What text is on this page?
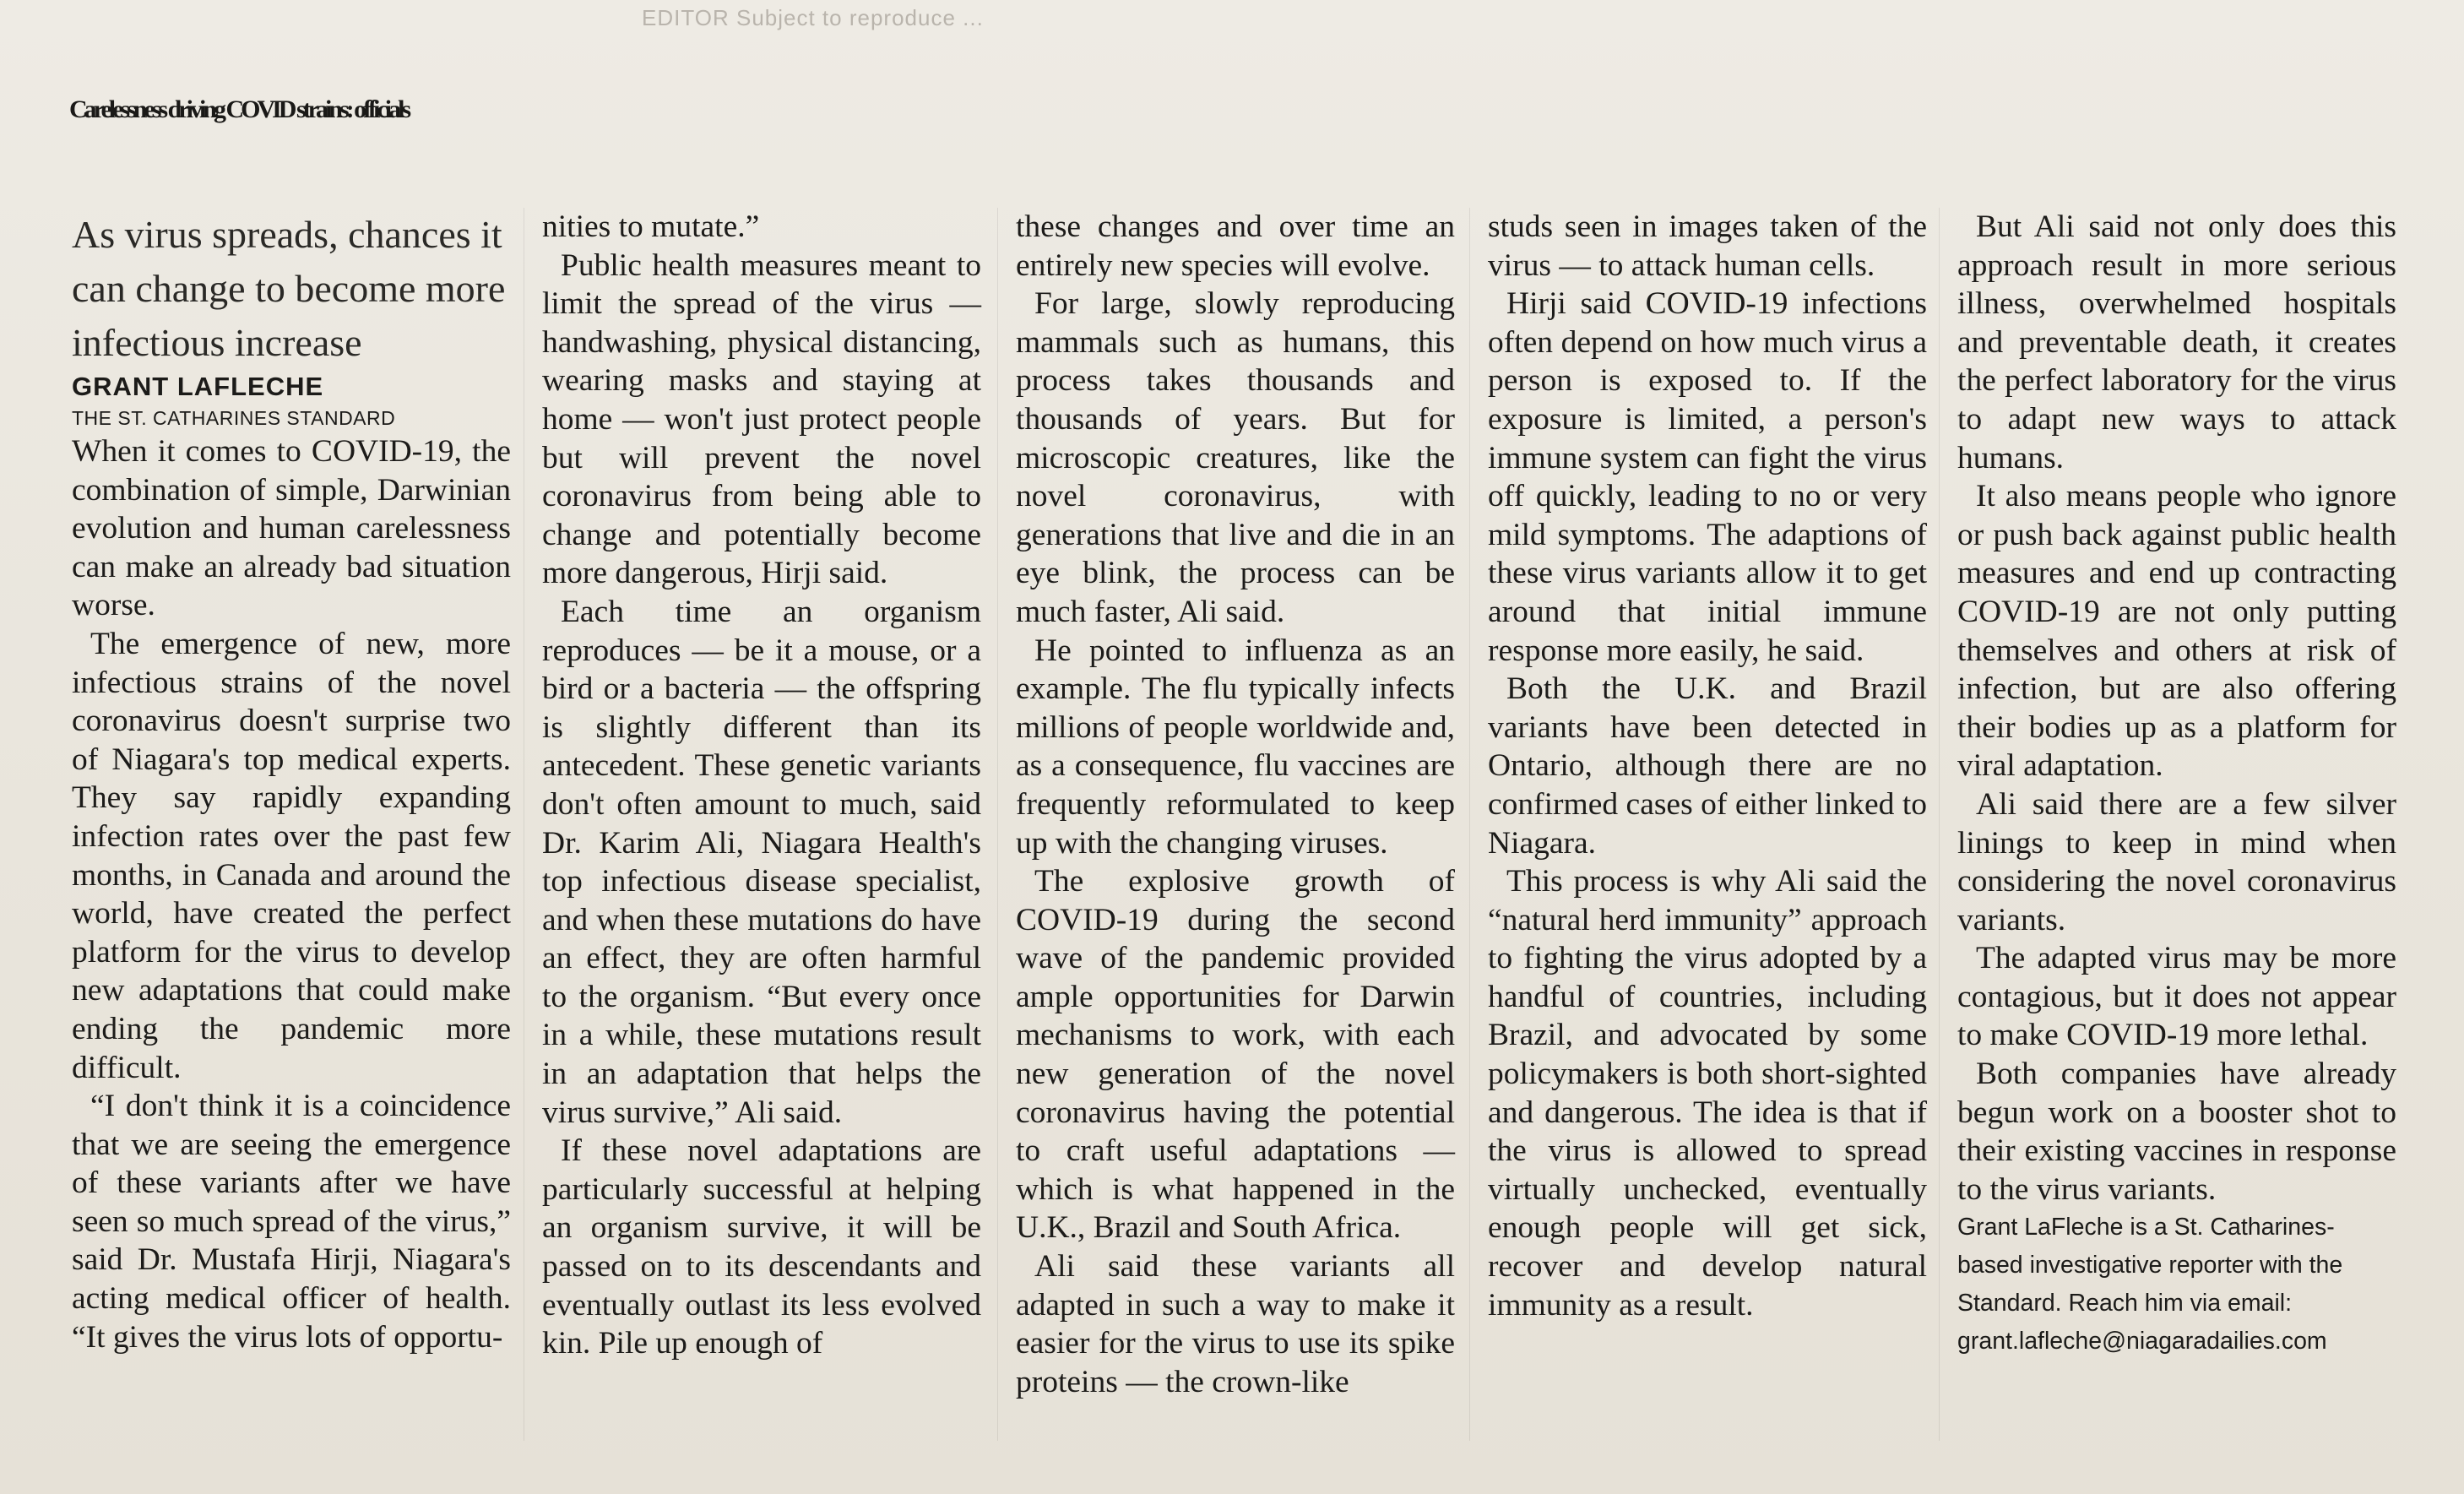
EDITOR Subject to reproduce ...
Carelessness driving COVID strains: officials

As virus spreads, chances it can change to become more infectious increase

GRANT LAFLECHE

THE ST. CATHARINES STANDARD

When it comes to COVID-19, the combination of simple, Darwinian evolution and human carelessness can make an already bad situation worse.

The emergence of new, more infectious strains of the novel coronavirus doesn't surprise two of Niagara's top medical experts. They say rapidly expanding infection rates over the past few months, in Canada and around the world, have created the perfect platform for the virus to develop new adaptations that could make ending the pandemic more difficult.

“I don't think it is a coincidence that we are seeing the emergence of these variants after we have seen so much spread of the virus,” said Dr. Mustafa Hirji, Niagara's acting medical officer of health. “It gives the virus lots of opportu-

nities to mutate.”

Public health measures meant to limit the spread of the virus — handwashing, physical distancing, wearing masks and staying at home — won't just protect people but will prevent the novel coronavirus from being able to change and potentially become more dangerous, Hirji said.

Each time an organism reproduces — be it a mouse, or a bird or a bacteria — the offspring is slightly different than its antecedent. These genetic variants don't often amount to much, said Dr. Karim Ali, Niagara Health's top infectious disease specialist, and when these mutations do have an effect, they are often harmful to the organism. “But every once in a while, these mutations result in an adaptation that helps the virus survive,” Ali said.

If these novel adaptations are particularly successful at helping an organism survive, it will be passed on to its descendants and eventually outlast its less evolved kin. Pile up enough of

these changes and over time an entirely new species will evolve.

For large, slowly reproducing mammals such as humans, this process takes thousands and thousands of years. But for microscopic creatures, like the novel coronavirus, with generations that live and die in an eye blink, the process can be much faster, Ali said.

He pointed to influenza as an example. The flu typically infects millions of people worldwide and, as a consequence, flu vaccines are frequently reformulated to keep up with the changing viruses.

The explosive growth of COVID-19 during the second wave of the pandemic provided ample opportunities for Darwin mechanisms to work, with each new generation of the novel coronavirus having the potential to craft useful adaptations — which is what happened in the U.K., Brazil and South Africa.

Ali said these variants all adapted in such a way to make it easier for the virus to use its spike proteins — the crown-like

studs seen in images taken of the virus — to attack human cells.

Hirji said COVID-19 infections often depend on how much virus a person is exposed to. If the exposure is limited, a person's immune system can fight the virus off quickly, leading to no or very mild symptoms. The adaptions of these virus variants allow it to get around that initial immune response more easily, he said.

Both the U.K. and Brazil variants have been detected in Ontario, although there are no confirmed cases of either linked to Niagara.

This process is why Ali said the “natural herd immunity” approach to fighting the virus adopted by a handful of countries, including Brazil, and advocated by some policymakers is both short-sighted and dangerous. The idea is that if the virus is allowed to spread virtually unchecked, eventually enough people will get sick, recover and develop natural immunity as a result.

But Ali said not only does this approach result in more serious illness, overwhelmed hospitals and preventable death, it creates the perfect laboratory for the virus to adapt new ways to attack humans.

It also means people who ignore or push back against public health measures and end up contracting COVID-19 are not only putting themselves and others at risk of infection, but are also offering their bodies up as a platform for viral adaptation.

Ali said there are a few silver linings to keep in mind when considering the novel coronavirus variants.

The adapted virus may be more contagious, but it does not appear to make COVID-19 more lethal.

Both companies have already begun work on a booster shot to their existing vaccines in response to the virus variants.

Grant LaFleche is a St. Catharines-based investigative reporter with the Standard. Reach him via email: grant.lafleche@niagaradailies.com
